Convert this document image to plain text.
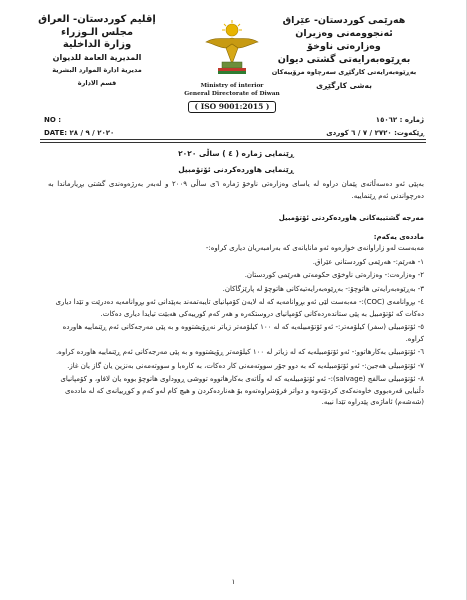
إقليم كوردستان- العراق
مجلس الـوزراء
وزارة الداخلية
المديرية العامة للديوان
مديرية ادارة الموارد البشرية
قسم الادارة	Ministry of interior
General Directorate of Diwan
( ISO 9001:2015 )
هەرێمی کوردستان- عێراق
ئەنجوومەنی وەزیران
وەزارەتی ناوخۆ
بەڕێوەبەرایەتی گشتی دیوان
بەڕێوەبەرایەتی کارگێڕی سەرچاوە مرۆییەکان
بەشی کارگێڕی
NO :	ژمارە : ١٥٠٦٢
DATE: ٢٠٢٠ / ٩ / ٢٨	ڕێکەوت: ٢٧٢٠ / ٧ / ٦ کوردی
ڕێنمایی ژمارە ( ٤ ) ساڵی ٢٠٢٠
ڕێنمایی هاوردەکردنی ئۆتۆمبیل
بەپێی ئەو دەسەڵاتەی پێمان دراوە لە یاسای وەزارەتی ناوخۆ ژمارە ٦ی ساڵی ٢٠٠٩ و لەبەر بەرژەوەندی گشتی بڕیارماندا بە دەرچواندنی ئەم ڕێنماییە.
مەرجە گشتییەکانی هاوردەکردنی ئۆتۆمبیل
ماددەی یەکەم:
مەبەست لەو زاراوانەی خوارەوە ئەو مانایانەی کە بەرامبەریان دیاری کراوە:-

١- هەرێم:- هەرێمی کوردستانی عێراق.

٢- وەزارەت:- وەزارەتی ناوخۆی حکومەتی هەرێمی کوردستان.

٣- بەڕێوەبەرایەتی هاتوچۆ:- بەڕێوەبەرایەتیەکانی هاتوچۆ لە پارێزگاکان.

٤- بڕوانامەی (COC):- مەبەست لێی ئەو بڕوانامەیە کە لە لایەن کۆمپانیای تایبەتمەند بەپێدانی ئەو بڕوانامەیە دەدرێت و تێدا دیاری دەکات کە ئۆتۆمبیل بە پێی ستاندەردەکانی کۆمپانیای دروستکەرە و هەر کەم کورییەکی هەبێت تیایدا دیاری دەکات.

٥- ئۆتۆمبیلی (سفر) کیلۆمەتر:- ئەو ئۆتۆمبیلەیە کە لە ١٠٠ کیلۆمەتر زیاتر نەڕۆیشتووە و بە پێی مەرجەکانی ئەم ڕێنماییە هاوردە کراوە.

٦- ئۆتۆمبیلی بەکارهاتوو:- ئەو ئۆتۆمبیلەیە کە لە زیاتر لە ١٠٠ کیلۆمەتر ڕۆیشتووە و بە پێی مەرجەکانی ئەم ڕێنماییە هاوردە کراوە.

٧- ئۆتۆمبیلی هەجین:- ئەو ئۆتۆمبیلەیە کە بە دوو جۆر سووتەمەنی کار دەکات، بە کارەبا و سووتەمەنی بەنزین یان گاز یان غاز.

٨- ئۆتۆمبیلی سالفج (salvage):- ئەو ئۆتۆمبیلەیە کە لە وڵاتەی بەکارهاتووە تووشی ڕووداوی هاتوچۆ بووە یان لافاو، و کۆمپانیای دڵنیایی قەرەبووی خاوەنەکەی کردۆتەوە و دواتر فرۆشراوەتەوە بۆ هەناردەکردن و هیچ کام لەو کەم و کوڕییانەی کە لە ماددەی (شەشەم) ئاماژەی پێدراوە تێدا نییە.

١
